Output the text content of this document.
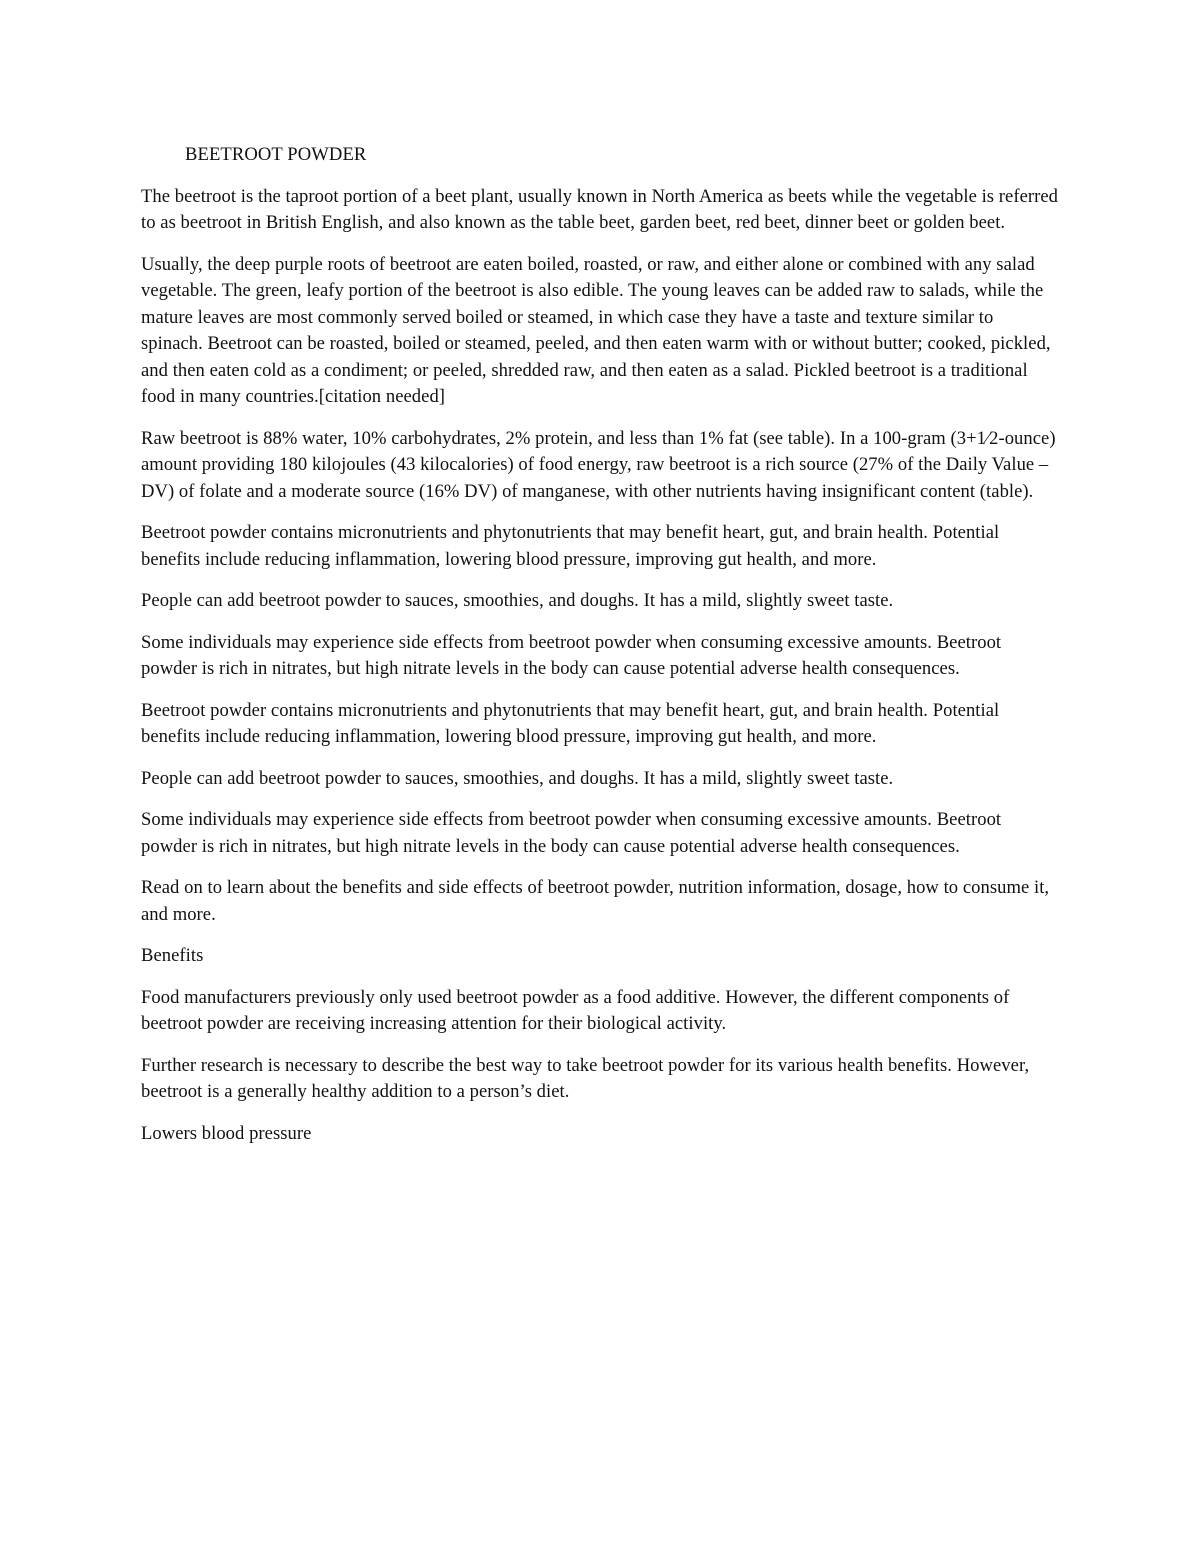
BEETROOT POWDER

The beetroot is the taproot portion of a beet plant, usually known in North America as beets while the vegetable is referred to as beetroot in British English, and also known as the table beet, garden beet, red beet, dinner beet or golden beet.

Usually, the deep purple roots of beetroot are eaten boiled, roasted, or raw, and either alone or combined with any salad vegetable. The green, leafy portion of the beetroot is also edible. The young leaves can be added raw to salads, while the mature leaves are most commonly served boiled or steamed, in which case they have a taste and texture similar to spinach. Beetroot can be roasted, boiled or steamed, peeled, and then eaten warm with or without butter; cooked, pickled, and then eaten cold as a condiment; or peeled, shredded raw, and then eaten as a salad. Pickled beetroot is a traditional food in many countries.[citation needed]

Raw beetroot is 88% water, 10% carbohydrates, 2% protein, and less than 1% fat (see table). In a 100-gram (3+1⁄2-ounce) amount providing 180 kilojoules (43 kilocalories) of food energy, raw beetroot is a rich source (27% of the Daily Value – DV) of folate and a moderate source (16% DV) of manganese, with other nutrients having insignificant content (table).

Beetroot powder contains micronutrients and phytonutrients that may benefit heart, gut, and brain health. Potential benefits include reducing inflammation, lowering blood pressure, improving gut health, and more.

People can add beetroot powder to sauces, smoothies, and doughs. It has a mild, slightly sweet taste.

Some individuals may experience side effects from beetroot powder when consuming excessive amounts. Beetroot powder is rich in nitrates, but high nitrate levels in the body can cause potential adverse health consequences.

Beetroot powder contains micronutrients and phytonutrients that may benefit heart, gut, and brain health. Potential benefits include reducing inflammation, lowering blood pressure, improving gut health, and more.

People can add beetroot powder to sauces, smoothies, and doughs. It has a mild, slightly sweet taste.

Some individuals may experience side effects from beetroot powder when consuming excessive amounts. Beetroot powder is rich in nitrates, but high nitrate levels in the body can cause potential adverse health consequences.

Read on to learn about the benefits and side effects of beetroot powder, nutrition information, dosage, how to consume it, and more.

Benefits

Food manufacturers previously only used beetroot powder as a food additive. However, the different components of beetroot powder are receiving increasing attention for their biological activity.

Further research is necessary to describe the best way to take beetroot powder for its various health benefits. However, beetroot is a generally healthy addition to a person’s diet.

Lowers blood pressure
